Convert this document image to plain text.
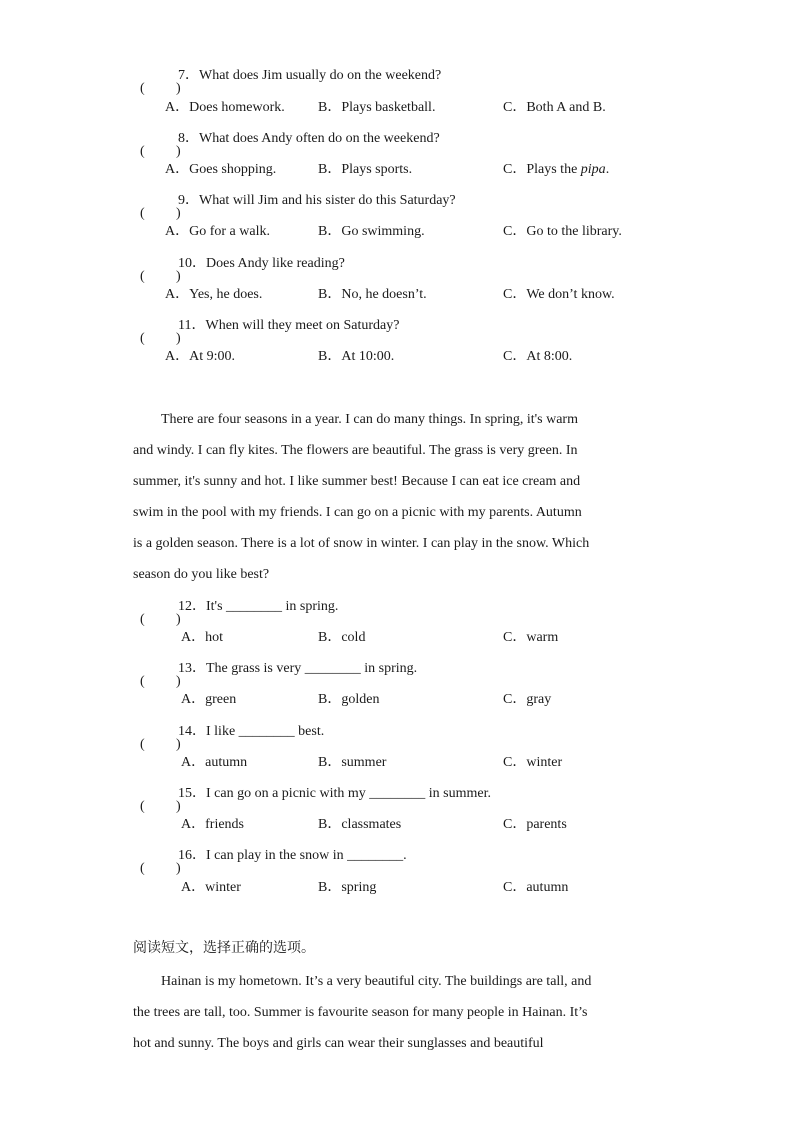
( )
7．What does Jim usually do on the weekend?
A．Does homework. B．Plays basketball.	C．Both A and B.
( )
8．What does Andy often do on the weekend?
A．Goes shopping.	B．Plays sports.	C．Plays the pipa.
( )
9．What will Jim and his sister do this Saturday?
A．Go for a walk.	B．Go swimming.	C．Go to the library.
( )
10．Does Andy like reading?
A．Yes, he does.	B．No, he doesn’t.	C．We don’t know.
( )
11．When will they meet on Saturday?
A．At 9:00.	B．At 10:00.	C．At 8:00.
There are four seasons in a year. I can do many things. In spring, it's warm
and windy. I can fly kites. The flowers are beautiful. The grass is very green. In
summer, it's sunny and hot. I like summer best! Because I can eat ice cream and
swim in the pool with my friends. I can go on a picnic with my parents. Autumn
is a golden season. There is a lot of snow in winter. I can play in the snow. Which
season do you like best?
( )
12．It's ________ in spring.
A．hot	B．cold	C．warm
( )
13．The grass is very ________ in spring.
A．green	B．golden	C．gray
( )
14．I like ________ best.
A．autumn	B．summer	C．winter
( )
15．I can go on a picnic with my ________ in summer.
A．friends	B．classmates	C．parents
( )
16．I can play in the snow in ________.
A．winter	B．spring	C．autumn
阅读短文，选择正确的选项。
Hainan is my hometown. It’s a very beautiful city. The buildings are tall, and
the trees are tall, too. Summer is favourite season for many people in Hainan. It’s
hot and sunny. The boys and girls can wear their sunglasses and beautiful
